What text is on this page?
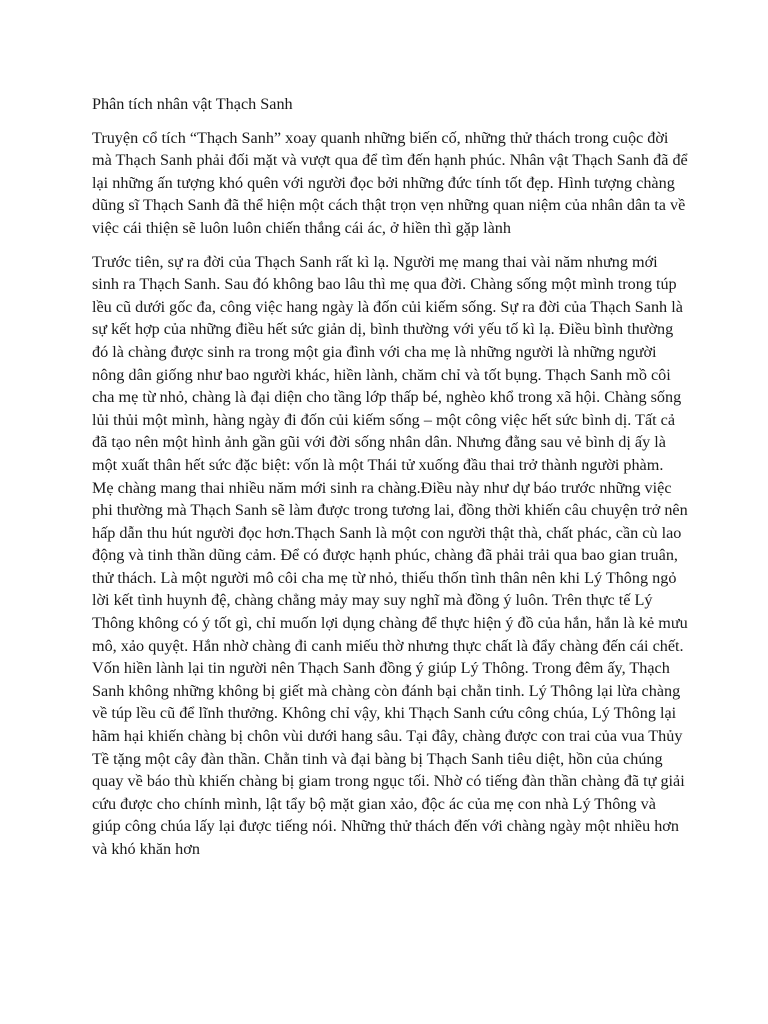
Phân tích nhân vật Thạch Sanh

Truyện cổ tích “Thạch Sanh” xoay quanh những biến cố, những thử thách trong cuộc đời mà Thạch Sanh phải đối mặt và vượt qua để tìm đến hạnh phúc. Nhân vật Thạch Sanh đã để lại những ấn tượng khó quên với người đọc bởi những đức tính tốt đẹp. Hình tượng chàng dũng sĩ Thạch Sanh đã thể hiện một cách thật trọn vẹn những quan niệm của nhân dân ta về việc cái thiện sẽ luôn luôn chiến thắng cái ác, ở hiền thì gặp lành

Trước tiên, sự ra đời của Thạch Sanh rất kì lạ. Người mẹ mang thai vài năm nhưng mới sinh ra Thạch Sanh. Sau đó không bao lâu thì mẹ qua đời. Chàng sống một mình trong túp lều cũ dưới gốc đa, công việc hang ngày là đốn củi kiếm sống. Sự ra đời của Thạch Sanh là sự kết hợp của những điều hết sức giản dị, bình thường với yếu tố kì lạ. Điều bình thường đó là chàng được sinh ra trong một gia đình với cha mẹ là những người là những người nông dân giống như bao người khác, hiền lành, chăm chỉ và tốt bụng. Thạch Sanh mồ côi cha mẹ từ nhỏ, chàng là đại diện cho tầng lớp thấp bé, nghèo khổ trong xã hội. Chàng sống lủi thủi một mình, hàng ngày đi đốn củi kiếm sống – một công việc hết sức bình dị. Tất cả đã tạo nên một hình ảnh gần gũi với đời sống nhân dân. Nhưng đằng sau vẻ bình dị ấy là một xuất thân hết sức đặc biệt: vốn là một Thái tử xuống đầu thai trở thành người phàm. Mẹ chàng mang thai nhiều năm mới sinh ra chàng.Điều này như dự báo trước những việc phi thường mà Thạch Sanh sẽ làm được trong tương lai, đồng thời khiến câu chuyện trở nên hấp dẫn thu hút người đọc hơn.Thạch Sanh là một con người thật thà, chất phác, cần cù lao động và tinh thần dũng cảm. Để có được hạnh phúc, chàng đã phải trải qua bao gian truân, thử thách. Là một người mô côi cha mẹ từ nhỏ, thiếu thốn tình thân nên khi Lý Thông ngỏ lời kết tình huynh đệ, chàng chẳng mảy may suy nghĩ mà đồng ý luôn. Trên thực tế Lý Thông không có ý tốt gì, chỉ muốn lợi dụng chàng để thực hiện ý đồ của hắn, hắn là kẻ mưu mô, xảo quyệt. Hắn nhờ chàng đi canh miếu thờ nhưng thực chất là đẩy chàng đến cái chết. Vốn hiền lành lại tin người nên Thạch Sanh đồng ý giúp Lý Thông. Trong đêm ấy, Thạch Sanh không những không bị giết mà chàng còn đánh bại chằn tinh. Lý Thông lại lừa chàng về túp lều cũ để lĩnh thưởng. Không chỉ vậy, khi Thạch Sanh cứu công chúa, Lý Thông lại hãm hại khiến chàng bị chôn vùi dưới hang sâu. Tại đây, chàng được con trai của vua Thủy Tề tặng một cây đàn thần. Chằn tinh và đại bàng bị Thạch Sanh tiêu diệt, hồn của chúng quay về báo thù khiến chàng bị giam trong ngục tối. Nhờ có tiếng đàn thần chàng đã tự giải cứu được cho chính mình, lật tẩy bộ mặt gian xảo, độc ác của mẹ con nhà Lý Thông và giúp công chúa lấy lại được tiếng nói. Những thử thách đến với chàng ngày một nhiều hơn và khó khăn hơn
